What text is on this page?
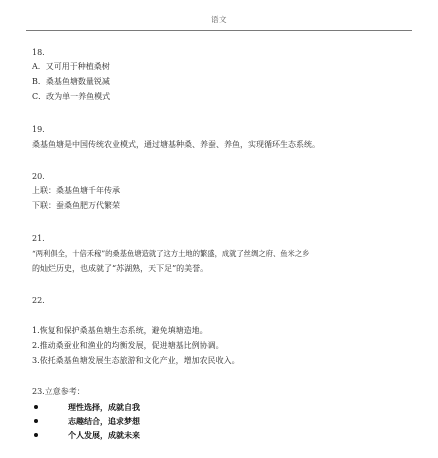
语文
18.
A．又可用于种植桑树
B．桑基鱼塘数量锐减
C．改为单一养鱼模式
19.
桑基鱼塘是中国传统农业模式，通过塘基种桑、养蚕、养鱼，实现循环生态系统。
20.
上联：桑基鱼塘千年传承
下联：蚕桑鱼肥万代繁荣
21.
“两利俱全，十倍禾稼”的桑基鱼塘造就了这方土地的繁盛，成就了丝绸之府、鱼米之乡
的灿烂历史，也成就了“苏湖熟，天下足”的美誉。
22.
1.恢复和保护桑基鱼塘生态系统，避免填塘造地。
2.推动桑蚕业和渔业的均衡发展，促进塘基比例协调。
3.依托桑基鱼塘发展生态旅游和文化产业，增加农民收入。
23.立意参考：
理性选择，成就自我
志趣结合，追求梦想
个人发展，成就未来
